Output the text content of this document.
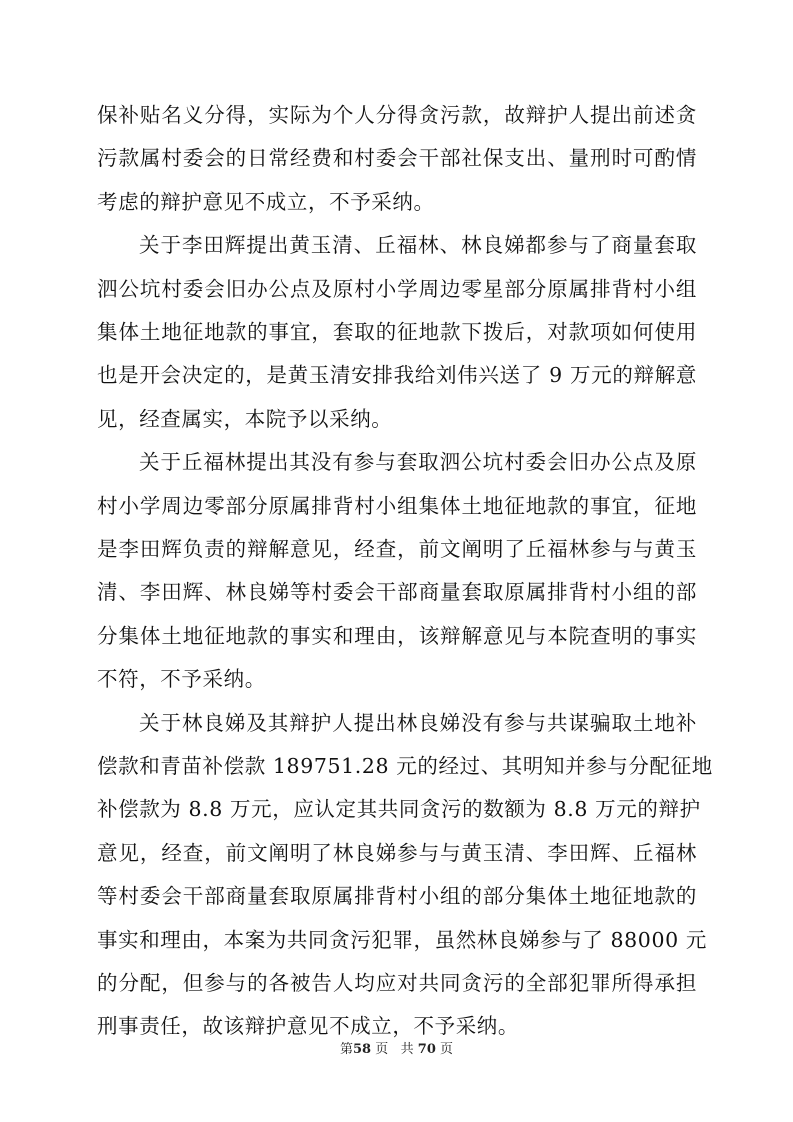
保补贴名义分得，实际为个人分得贪污款，故辩护人提出前述贪
污款属村委会的日常经费和村委会干部社保支出、量刑时可酌情
考虑的辩护意见不成立，不予采纳。
关于李田辉提出黄玉清、丘福林、林良娣都参与了商量套取
泗公坑村委会旧办公点及原村小学周边零星部分原属排背村小组
集体土地征地款的事宜，套取的征地款下拨后，对款项如何使用
也是开会决定的，是黄玉清安排我给刘伟兴送了 9 万元的辩解意
见，经查属实，本院予以采纳。
关于丘福林提出其没有参与套取泗公坑村委会旧办公点及原
村小学周边零部分原属排背村小组集体土地征地款的事宜，征地
是李田辉负责的辩解意见，经查，前文阐明了丘福林参与与黄玉
清、李田辉、林良娣等村委会干部商量套取原属排背村小组的部
分集体土地征地款的事实和理由，该辩解意见与本院查明的事实
不符，不予采纳。
关于林良娣及其辩护人提出林良娣没有参与共谋骗取土地补
偿款和青苗补偿款 189751.28 元的经过、其明知并参与分配征地
补偿款为 8.8 万元，应认定其共同贪污的数额为 8.8 万元的辩护
意见，经查，前文阐明了林良娣参与与黄玉清、李田辉、丘福林
等村委会干部商量套取原属排背村小组的部分集体土地征地款的
事实和理由，本案为共同贪污犯罪，虽然林良娣参与了 88000 元
的分配，但参与的各被告人均应对共同贪污的全部犯罪所得承担
刑事责任，故该辩护意见不成立，不予采纳。
第58 页 共 70 页
